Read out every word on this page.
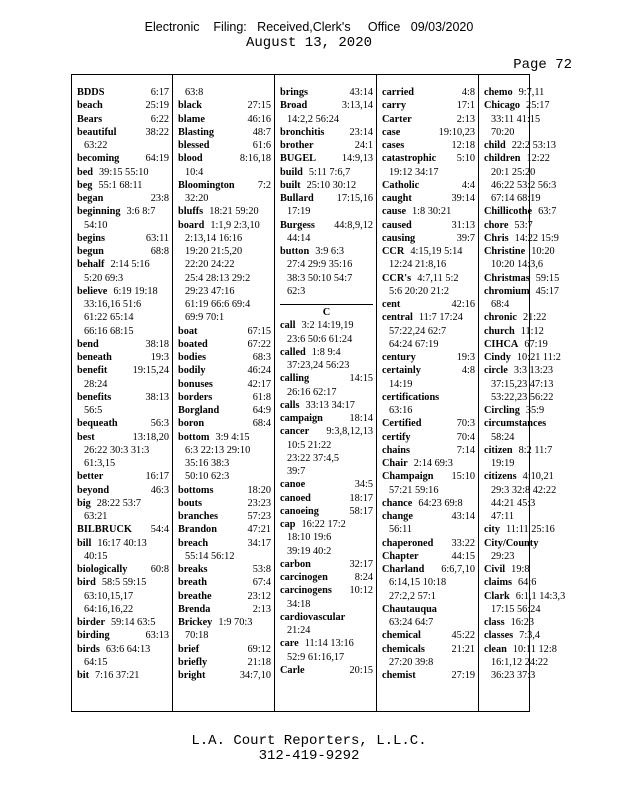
Electronic    Filing:   Received,Clerk's     Office   09/03/2020
August 13, 2020
Page 72
BDDS	6:17
beach	25:19
Bears	6:22
beautiful	38:22
63:22
becoming	64:19
bed 39:15 55:10
beg 55:1 68:11
began	23:8
beginning 3:6 8:7
54:10
begins	63:11
begun	68:8
behalf 2:14 5:16
5:20 69:3
believe 6:19 19:18
33:16,16 51:6
61:22 65:14
66:16 68:15
bend	38:18
beneath	19:3
benefit 19:15,24
28:24
benefits	38:13
56:5
bequeath	56:3
best	13:18,20
26:22 30:3 31:3
61:3,15
better	16:17
beyond	46:3
big 28:22 53:7
63:21
BILBRUCK 54:4
bill 16:17 40:13
40:15
biologically 60:8
bird 58:5 59:15
63:10,15,17
64:16,16,22
birder 59:14 63:5
birding	63:13
birds 63:6 64:13
64:15
bit 7:16 37:21
63:8
black	27:15
blame	46:16
Blasting	48:7
blessed	61:6
blood	8:16,18
10:4
Bloomington 7:2
32:20
bluffs 18:21 59:20
board 1:1,9 2:3,10
2:13,14 16:16
19:20 21:5,20
22:20 24:22
25:4 28:13 29:2
29:23 47:16
61:19 66:6 69:4
69:9 70:1
boat	67:15
boated	67:22
bodies	68:3
bodily	46:24
bonuses	42:17
borders	61:8
Borgland	64:9
boron	68:4
bottom 3:9 4:15
6:3 22:13 29:10
35:16 38:3
50:10 62:3
bottoms	18:20
bouts	23:23
branches	57:23
Brandon	47:21
breach	34:17
55:14 56:12
breaks	53:8
breath	67:4
breathe	23:12
Brenda	2:13
Brickey 1:9 70:3
70:18
brief	69:12
briefly	21:18
bright	34:7,10
brings	43:14
Broad	3:13,14
14:2,2 56:24
bronchitis 23:14
brother	24:1
BUGEL	14:9,13
build 5:11 7:6,7
built 25:10 30:12
Bullard 17:15,16
17:19
Burgess 44:8,9,12
44:14
button 3:9 6:3
27:4 29:9 35:16
38:3 50:10 54:7
62:3
C
call 3:2 14:19,19
23:6 50:6 61:24
called 1:8 9:4
37:23,24 56:23
calling	14:15
26:16 62:17
calls 33:13 34:17
campaign	18:14
cancer 9:3,8,12,13
10:5 21:22
23:22 37:4,5
39:7
canoe	34:5
canoed	18:17
canoeing	58:17
cap 16:22 17:2
18:10 19:6
39:19 40:2
carbon	32:17
carcinogen	8:24
carcinogens 10:12
34:18
cardiovascular
21:24
care 11:14 13:16
52:9 61:16,17
Carle	20:15
carried	4:8
carry	17:1
Carter	2:13
case	19:10,23
cases	12:18
catastrophic 5:10
19:12 34:17
Catholic	4:4
caught	39:14
cause 1:8 30:21
caused	31:13
causing	39:7
CCR 4:15,19 5:14
12:24 21:8,16
CCR's 4:7,11 5:2
5:6 20:20 21:2
cent	42:16
central 11:7 17:24
57:22,24 62:7
64:24 67:19
century	19:3
certainly	4:8
14:19
certifications
63:16
Certified	70:3
certify	70:4
chains	7:14
Chair 2:14 69:3
Champaign 15:10
57:21 59:16
chance 64:23 69:8
change	43:14
56:11
chaperoned 33:22
Chapter	44:15
Charland 6:6,7,10
6:14,15 10:18
27:2,2 57:1
Chautauqua
63:24 64:7
chemical	45:22
chemicals	21:21
27:20 39:8
chemist	27:19
chemo 9:7,11
Chicago 25:17
33:11 41:15
70:20
child 22:2 53:13
children 12:22
20:1 25:20
46:22 53:2 56:3
67:14 68:19
Chillicothe 63:7
chore 53:7
Chris 14:22 15:9
Christine 10:20
10:20 14:3,6
Christmas 59:15
chromium 45:17
68:4
chronic 21:22
church 11:12
CIHCA 67:19
Cindy 10:21 11:2
circle 3:3 13:23
37:15,23 47:13
53:22,23 56:22
Circling 35:9
circumstances
58:24
citizen 8:2 11:7
19:19
citizens 4:10,21
29:3 32:8 42:22
44:21 45:3
47:11
city 11:11 25:16
City/County
29:23
Civil 19:8
claims 64:6
Clark 6:1,1 14:3,3
17:15 56:24
class 16:23
classes 7:3,4
clean 10:11 12:8
16:1,12 24:22
36:23 37:3
L.A. Court Reporters, L.L.C.
312-419-9292
